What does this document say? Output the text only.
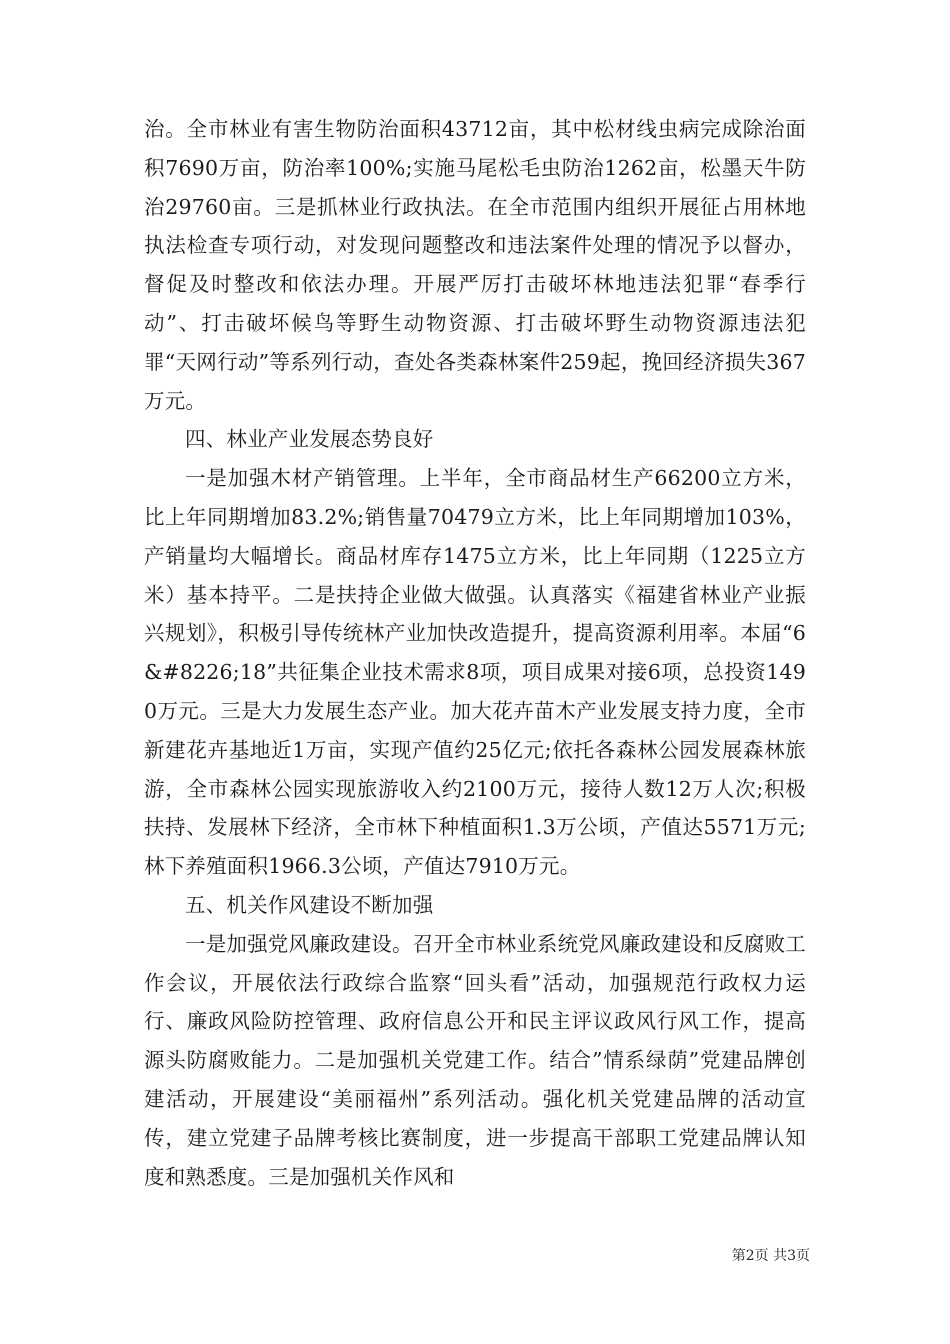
治。全市林业有害生物防治面积43712亩，其中松材线虫病完成除治面积7690万亩，防治率100%;实施马尾松毛虫防治1262亩，松墨天牛防治29760亩。三是抓林业行政执法。在全市范围内组织开展征占用林地执法检查专项行动，对发现问题整改和违法案件处理的情况予以督办，督促及时整改和依法办理。开展严厉打击破坏林地违法犯罪“春季行动”、打击破坏候鸟等野生动物资源、打击破坏野生动物资源违法犯罪“天网行动”等系列行动，查处各类森林案件259起，挽回经济损失367万元。

四、林业产业发展态势良好

一是加强木材产销管理。上半年，全市商品材生产66200立方米，比上年同期增加83.2%;销售量70479立方米，比上年同期增加103%，产销量均大幅增长。商品材库存1475立方米，比上年同期（1225立方米）基本持平。二是扶持企业做大做强。认真落实《福建省林业产业振兴规划》，积极引导传统林产业加快改造提升，提高资源利用率。本届“6&#8226;18”共征集企业技术需求8项，项目成果对接6项，总投资1490万元。三是大力发展生态产业。加大花卉苗木产业发展支持力度，全市新建花卉基地近1万亩，实现产值约25亿元;依托各森林公园发展森林旅游，全市森林公园实现旅游收入约2100万元，接待人数12万人次;积极扶持、发展林下经济，全市林下种植面积1.3万公顷，产值达5571万元;林下养殖面积1966.3公顷，产值达7910万元。

五、机关作风建设不断加强

一是加强党风廉政建设。召开全市林业系统党风廉政建设和反腐败工作会议，开展依法行政综合监察“回头看”活动，加强规范行政权力运行、廉政风险防控管理、政府信息公开和民主评议政风行风工作，提高源头防腐败能力。二是加强机关党建工作。结合”情系绿荫”党建品牌创建活动，开展建设“美丽福州”系列活动。强化机关党建品牌的活动宣传，建立党建子品牌考核比赛制度，进一步提高干部职工党建品牌认知度和熟悉度。三是加强机关作风和

第2页 共3页
